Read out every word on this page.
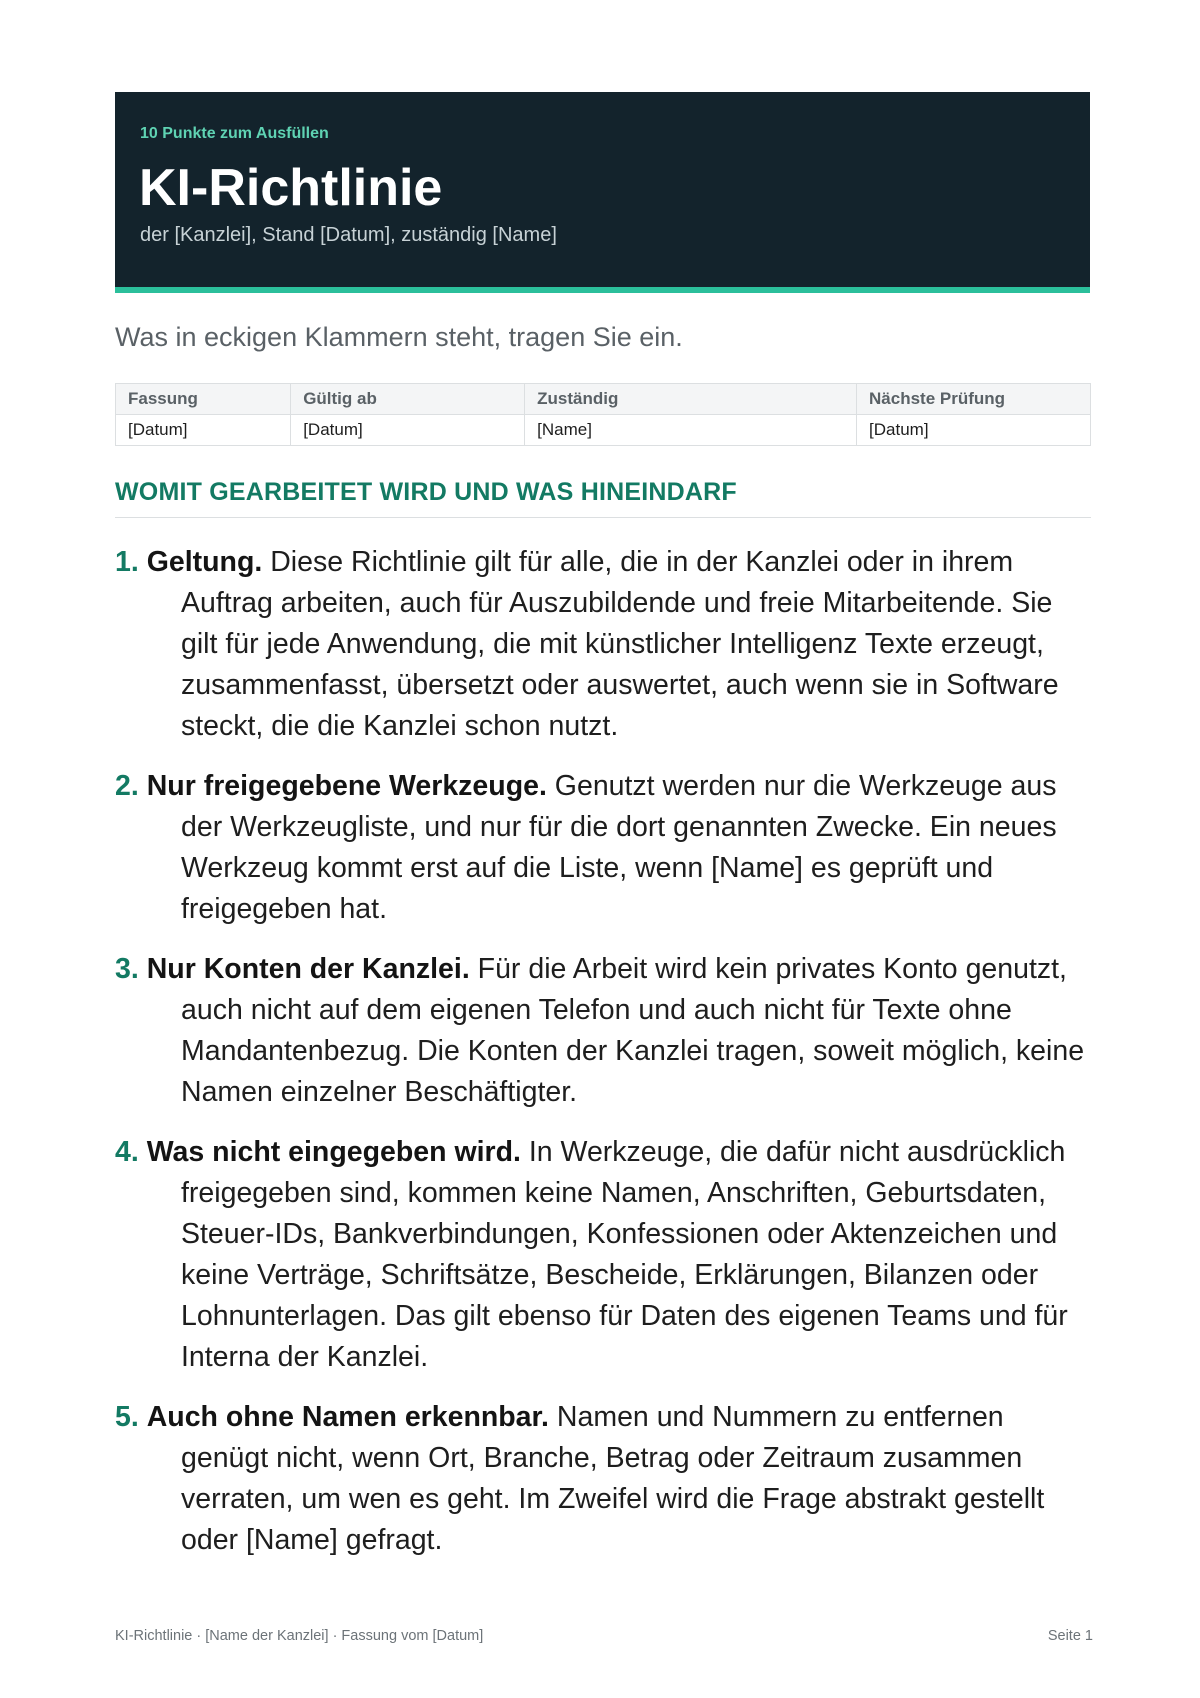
10 Punkte zum Ausfüllen
KI-Richtlinie
der [Kanzlei], Stand [Datum], zuständig [Name]
Was in eckigen Klammern steht, tragen Sie ein.
Fassung	Gültig ab	Zuständig	Nächste Prüfung
[Datum]	[Datum]	[Name]	[Datum]
WOMIT GEARBEITET WIRD UND WAS HINEINDARF
1. Geltung. Diese Richtlinie gilt für alle, die in der Kanzlei oder in ihrem Auftrag arbeiten, auch für Auszubildende und freie Mitarbeitende. Sie gilt für jede Anwendung, die mit künstlicher Intelligenz Texte erzeugt, zusammenfasst, übersetzt oder auswertet, auch wenn sie in Software steckt, die die Kanzlei schon nutzt.
2. Nur freigegebene Werkzeuge. Genutzt werden nur die Werkzeuge aus der Werkzeugliste, und nur für die dort genannten Zwecke. Ein neues Werkzeug kommt erst auf die Liste, wenn [Name] es geprüft und freigegeben hat.
3. Nur Konten der Kanzlei. Für die Arbeit wird kein privates Konto genutzt, auch nicht auf dem eigenen Telefon und auch nicht für Texte ohne Mandantenbezug. Die Konten der Kanzlei tragen, soweit möglich, keine Namen einzelner Beschäftigter.
4. Was nicht eingegeben wird. In Werkzeuge, die dafür nicht ausdrücklich freigegeben sind, kommen keine Namen, Anschriften, Geburtsdaten, Steuer-IDs, Bankverbindungen, Konfessionen oder Aktenzeichen und keine Verträge, Schriftsätze, Bescheide, Erklärungen, Bilanzen oder Lohnunterlagen. Das gilt ebenso für Daten des eigenen Teams und für Interna der Kanzlei.
5. Auch ohne Namen erkennbar. Namen und Nummern zu entfernen genügt nicht, wenn Ort, Branche, Betrag oder Zeitraum zusammen verraten, um wen es geht. Im Zweifel wird die Frage abstrakt gestellt oder [Name] gefragt.
KI-Richtlinie · [Name der Kanzlei] · Fassung vom [Datum]	Seite 1
